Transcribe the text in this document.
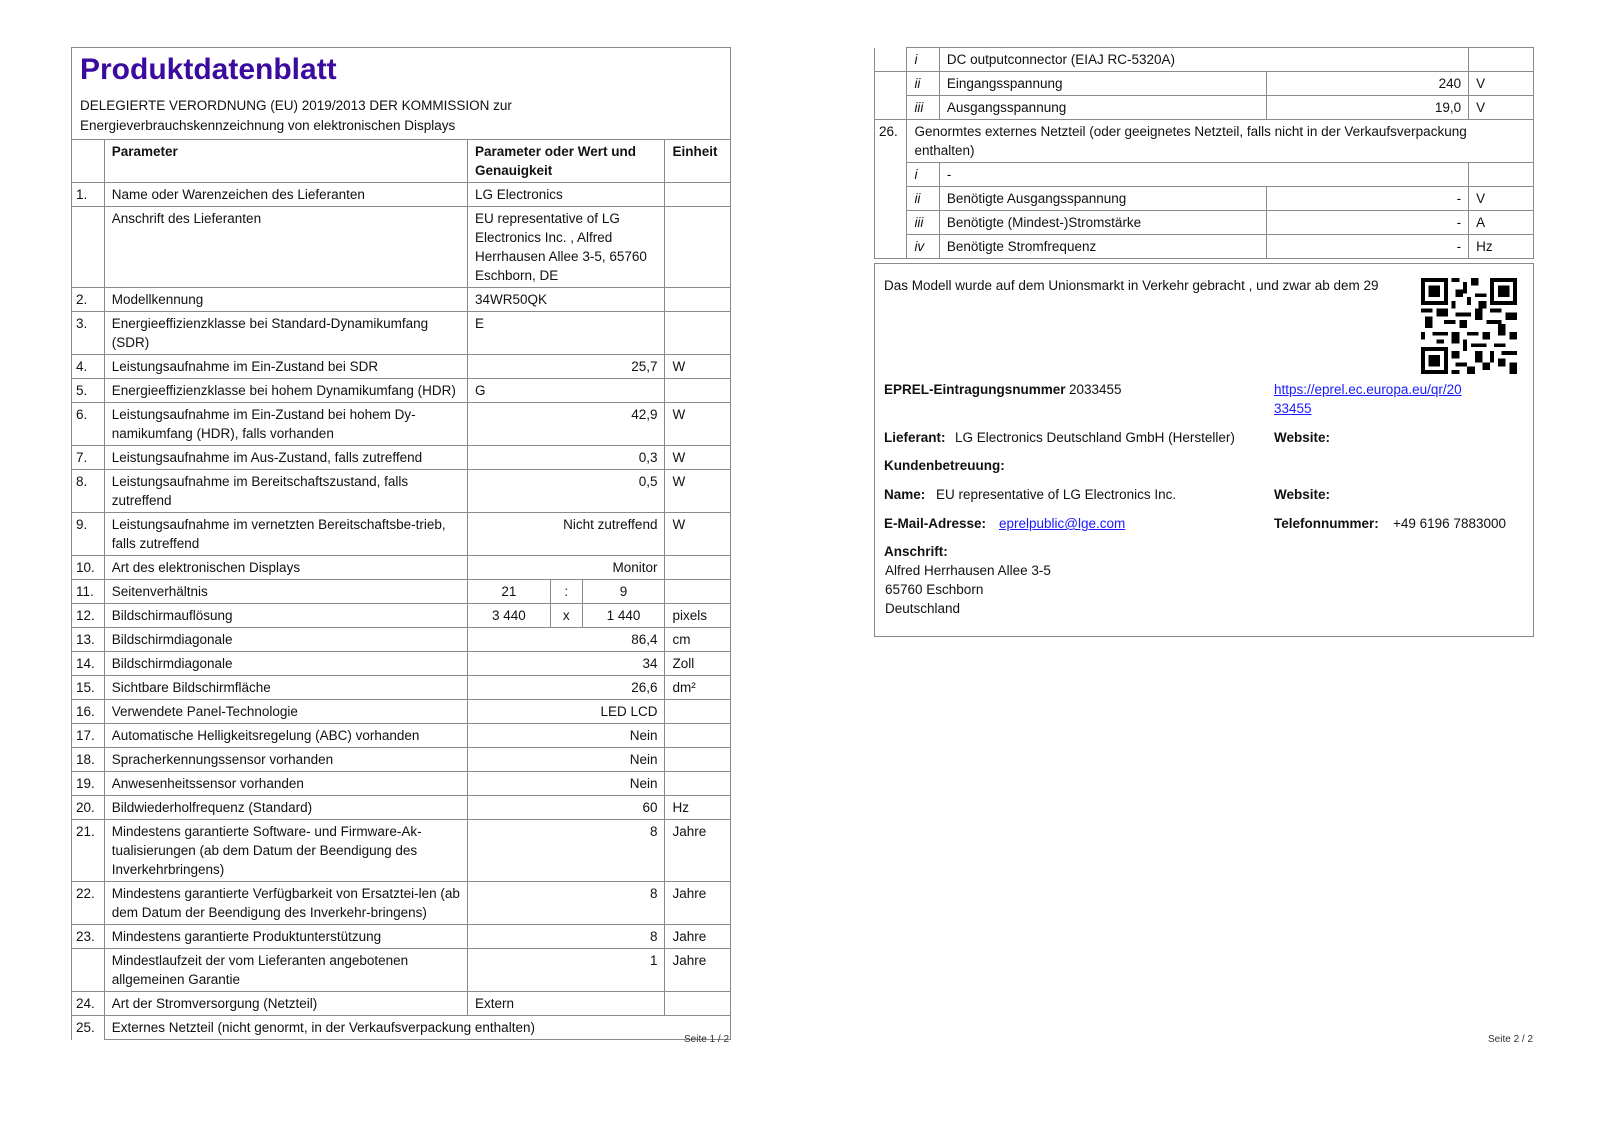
Produktdatenblatt
DELEGIERTE VERORDNUNG (EU) 2019/2013 DER KOMMISSION zur
Energieverbrauchskennzeichnung von elektronischen Displays
	Parameter	Parameter oder Wert und Genauigkeit			Einheit
1.	Name oder Warenzeichen des Lieferanten	LG Electronics			
	Anschrift des Lieferanten	EU representative of LG Electronics Inc. , Alfred Herrhausen Allee 3-5, 65760 Eschborn, DE			
2.	Modellkennung	34WR50QK			
3.	Energieeffizienzklasse bei Standard-Dynamikumfang (SDR)	E			
4.	Leistungsaufnahme im Ein-Zustand bei SDR	25,7			W
5.	Energieeffizienzklasse bei hohem Dynamikumfang (HDR)	G			
6.	Leistungsaufnahme im Ein-Zustand bei hohem Dy-namikumfang (HDR), falls vorhanden	42,9			W
7.	Leistungsaufnahme im Aus-Zustand, falls zutreffend	0,3			W
8.	Leistungsaufnahme im Bereitschaftszustand, falls zutreffend	0,5			W
9.	Leistungsaufnahme im vernetzten Bereitschaftsbe-trieb, falls zutreffend	Nicht zutreffend			W
10.	Art des elektronischen Displays	Monitor			
11.	Seitenverhältnis	21	:	9	
12.	Bildschirmauflösung	3 440	x	1 440	pixels
13.	Bildschirmdiagonale	86,4			cm
14.	Bildschirmdiagonale	34			Zoll
15.	Sichtbare Bildschirmfläche	26,6			dm²
16.	Verwendete Panel-Technologie	LED LCD			
17.	Automatische Helligkeitsregelung (ABC) vorhanden	Nein			
18.	Spracherkennungssensor vorhanden	Nein			
19.	Anwesenheitssensor vorhanden	Nein			
20.	Bildwiederholfrequenz (Standard)	60			Hz
21.	Mindestens garantierte Software- und Firmware-Ak-tualisierungen (ab dem Datum der Beendigung des Inverkehrbringens)	8			Jahre
22.	Mindestens garantierte Verfügbarkeit von Ersatztei-len (ab dem Datum der Beendigung des Inverkehr-bringens)	8			Jahre
23.	Mindestens garantierte Produktunterstützung	8			Jahre
	Mindestlaufzeit der vom Lieferanten angebotenen allgemeinen Garantie	1			Jahre
24.	Art der Stromversorgung (Netzteil)	Extern			
25.	Externes Netzteil (nicht genormt, in der Verkaufsverpackung enthalten)				
Seite 1 / 2
	i	DC outputconnector (EIAJ RC-5320A)		
	ii	Eingangsspannung	240	V
	iii	Ausgangsspannung	19,0	V
26.	Genormtes externes Netzteil (oder geeignetes Netzteil, falls nicht in der Verkaufsverpackung enthalten)			
	i	-		
	ii	Benötigte Ausgangsspannung	-	V
	iii	Benötigte (Mindest-)Stromstärke	-	A
	iv	Benötigte Stromfrequenz	-	Hz
Das Modell wurde auf dem Unionsmarkt in Verkehr gebracht , und zwar ab dem 29
EPREL-Eintragungsnummer 2033455	https://eprel.ec.europa.eu/qr/20
33455
Lieferant: LG Electronics Deutschland GmbH (Hersteller)	Website:
Kundenbetreuung:
Name: EU representative of LG Electronics Inc.	Website:
E-Mail-Adresse: eprelpublic@lge.com	Telefonnummer: +49 6196 7883000
Anschrift:
Alfred Herrhausen Allee 3-5
65760 Eschborn
Deutschland
Seite 2 / 2
